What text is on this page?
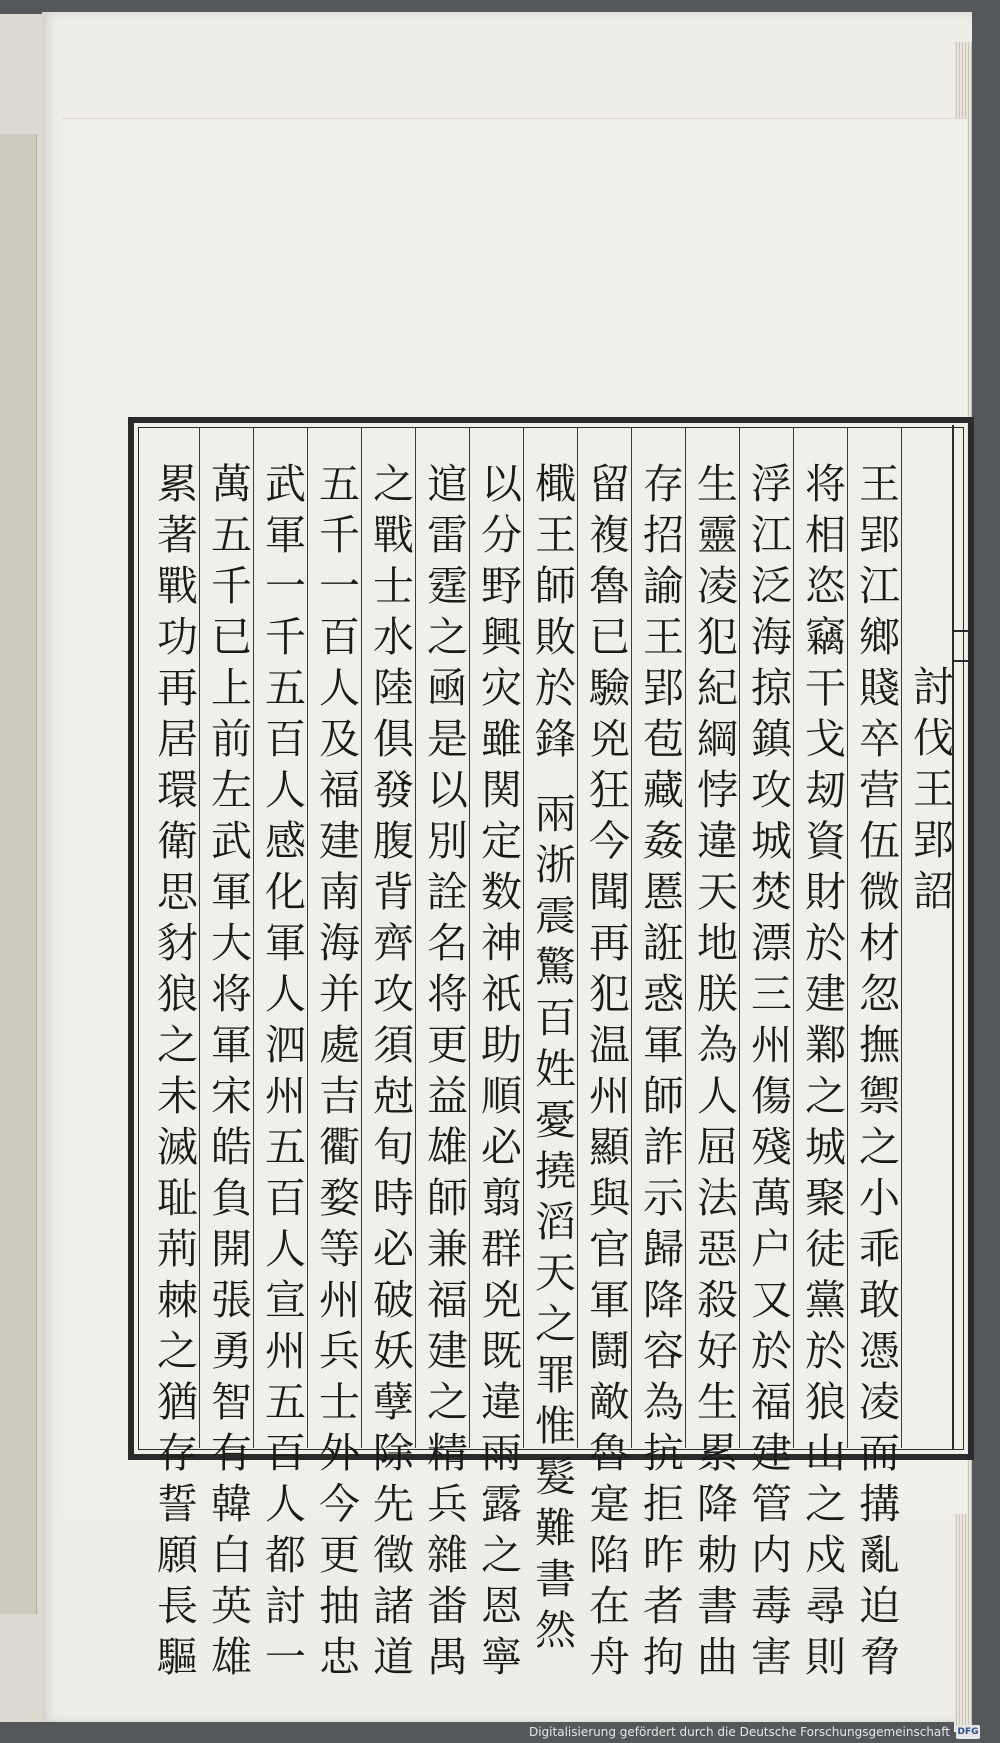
討伐王郢詔
王郢江鄉賤卒营伍微材忽撫禦之小乖敢憑凌而搆亂迫脅
将相恣竊干戈刼資財於建鄴之城聚徒黨於狼山之戍尋則
浮江泛海掠鎮攻城焚漂三州傷殘萬户又於福建管内毒害
生靈凌犯紀綱悖違天地朕為人屈法惡殺好生累降勅書曲
存招諭王郢苞藏姦慝誑惑軍師詐示歸降容為抗拒昨者拘
留複魯已驗兇狂今聞再犯温州顯與官軍鬪敵魯寔陷在舟
檝王師敗於鋒
兩浙震驚百姓憂撓滔天之罪惟髮難書然
以分野興灾雖関定数神祇助順必翦群兇既違雨露之恩寧
逭雷霆之凾是以別詮名将更益雄師兼福建之精兵雜畨禺
之戰士水陸俱發腹背齊攻須尅旬時必破妖孽除先徵諸道
五千一百人及福建南海并處吉衢婺等州兵士外今更抽忠
武軍一千五百人感化軍人泗州五百人宣州五百人都討一
萬五千已上前左武軍大将軍宋皓負開張勇智有韓白英雄
累著戰功再居環衛思豺狼之未滅耻荊棘之猶存誓願長驅
Digitalisierung gefördert durch die Deutsche Forschungsgemeinschaft DFG
